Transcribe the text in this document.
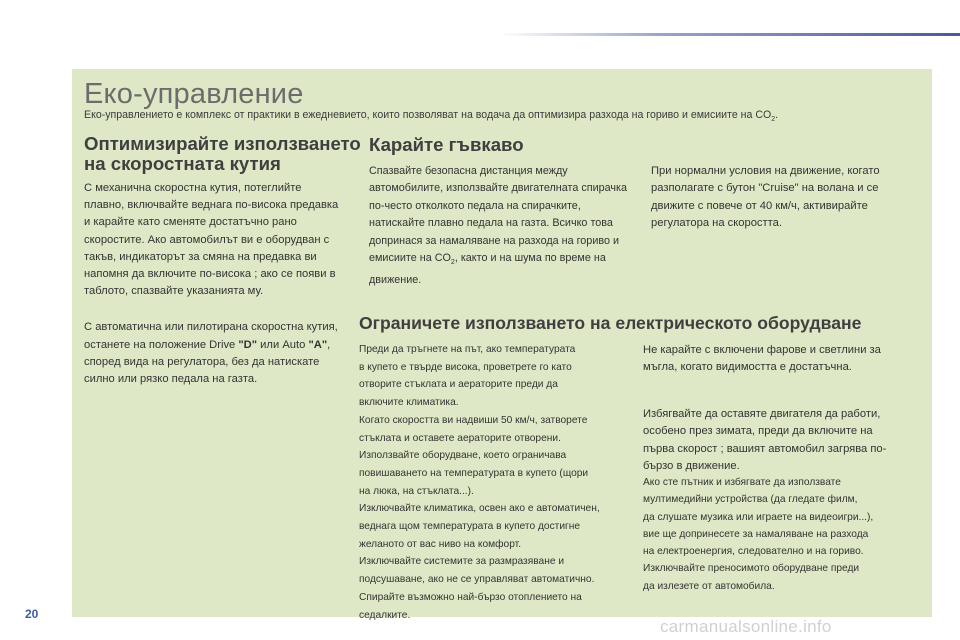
Еко-управление
Еко-управлението е комплекс от практики в ежедневието, които позволяват на водача да оптимизира разхода на гориво и емисиите на $CO_2$.
Оптимизирайте използването
на скоростната кутия

С механична скоростна кутия, потеглийте плавно, включвайте веднага по-висока предавка и карайте като сменяте достатъчно рано скоростите. Ако автомобилът ви е оборудван с такъв, индикаторът за смяна на предавка ви напомня да включите по-висока ; ако се появи в таблото, спазвайте указанията му.

С автоматична или пилотирана скоростна кутия, останете на положение Drive "D" или Auto "A", според вида на регулатора, без да натискате силно или рязко педала на газта.

Карайте гъвкаво

Спазвайте безопасна дистанция между автомобилите, използвайте двигателната спирачка по-често отколкото педала на спирачките, натискайте плавно педала на газта. Всичко това допринася за намаляване на разхода на гориво и емисиите на $CO_2$, както и на шума по време на движение.

При нормални условия на движение, когато разполагате с бутон "Cruise" на волана и се движите с повече от 40 км/ч, активирайте регулатора на скоростта.

Ограничете използването на електрическото оборудване

Преди да тръгнете на път, ако температурата

в купето е твърде висока, проветрете го като

отворите стъклата и аераторите преди да

включите климатика.

Когато скоростта ви надвиши 50 км/ч, затворете

стъклата и оставете аераторите отворени.

Използвайте оборудване, което ограничава

повишаването на температурата в купето (щори

на люка, на стъклата...).

Изключвайте климатика, освен ако е автоматичен,

веднага щом температурата в купето достигне

желаното от вас ниво на комфорт.

Изключвайте системите за размразяване и

подсушаване, ако не се управляват автоматично.

Спирайте възможно най-бързо отоплението на

седалките.

Не карайте с включени фарове и светлини за мъгла, когато видимостта е достатъчна.

Избягвайте да оставяте двигателя да работи, особено през зимата, преди да включите на първа скорост ; вашият автомобил загрява по-бързо в движение.

Ако сте пътник и избягвате да използвате

мултимедийни устройства (да гледате филм,

да слушате музика или играете на видеоигри...),

вие ще допринесете за намаляване на разхода

на електроенергия, следователно и на гориво.

Изключвайте преносимото оборудване преди

да излезете от автомобила.

20
carmanualsonline.info
